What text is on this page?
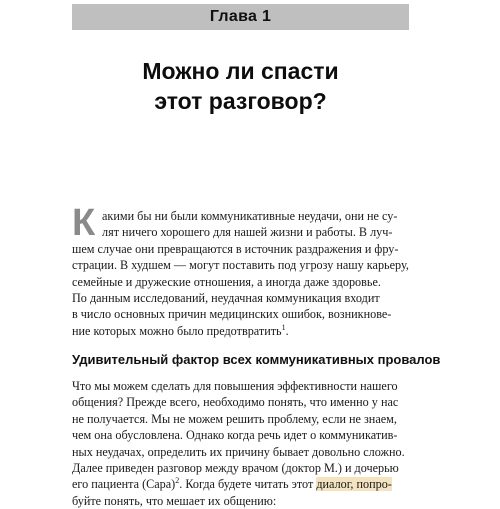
Глава 1
Можно ли спасти
этот разговор?
К акими бы ни были коммуникативные неудачи, они не су-
лят ничего хорошего для нашей жизни и работы. В луч-
шем случае они превращаются в источник раздражения и фру-
страции. В худшем — могут поставить под угрозу нашу карьеру,
семейные и дружеские отношения, а иногда даже здоровье.
По данным исследований, неудачная коммуникация входит
в число основных причин медицинских ошибок, возникнове-
ние которых можно было предотвратить$^1$.
Удивительный фактор всех коммуникативных провалов
Что мы можем сделать для повышения эффективности нашего
общения? Прежде всего, необходимо понять, что именно у нас
не получается. Мы не можем решить проблему, если не знаем,
чем она обусловлена. Однако когда речь идет о коммуникатив-
ных неудачах, определить их причину бывает довольно сложно.
Далее приведен разговор между врачом (доктор М.) и дочерью
его пациента (Сара)$^2$. Когда будете читать этот диалог, попро-
буйте понять, что мешает их общению:
